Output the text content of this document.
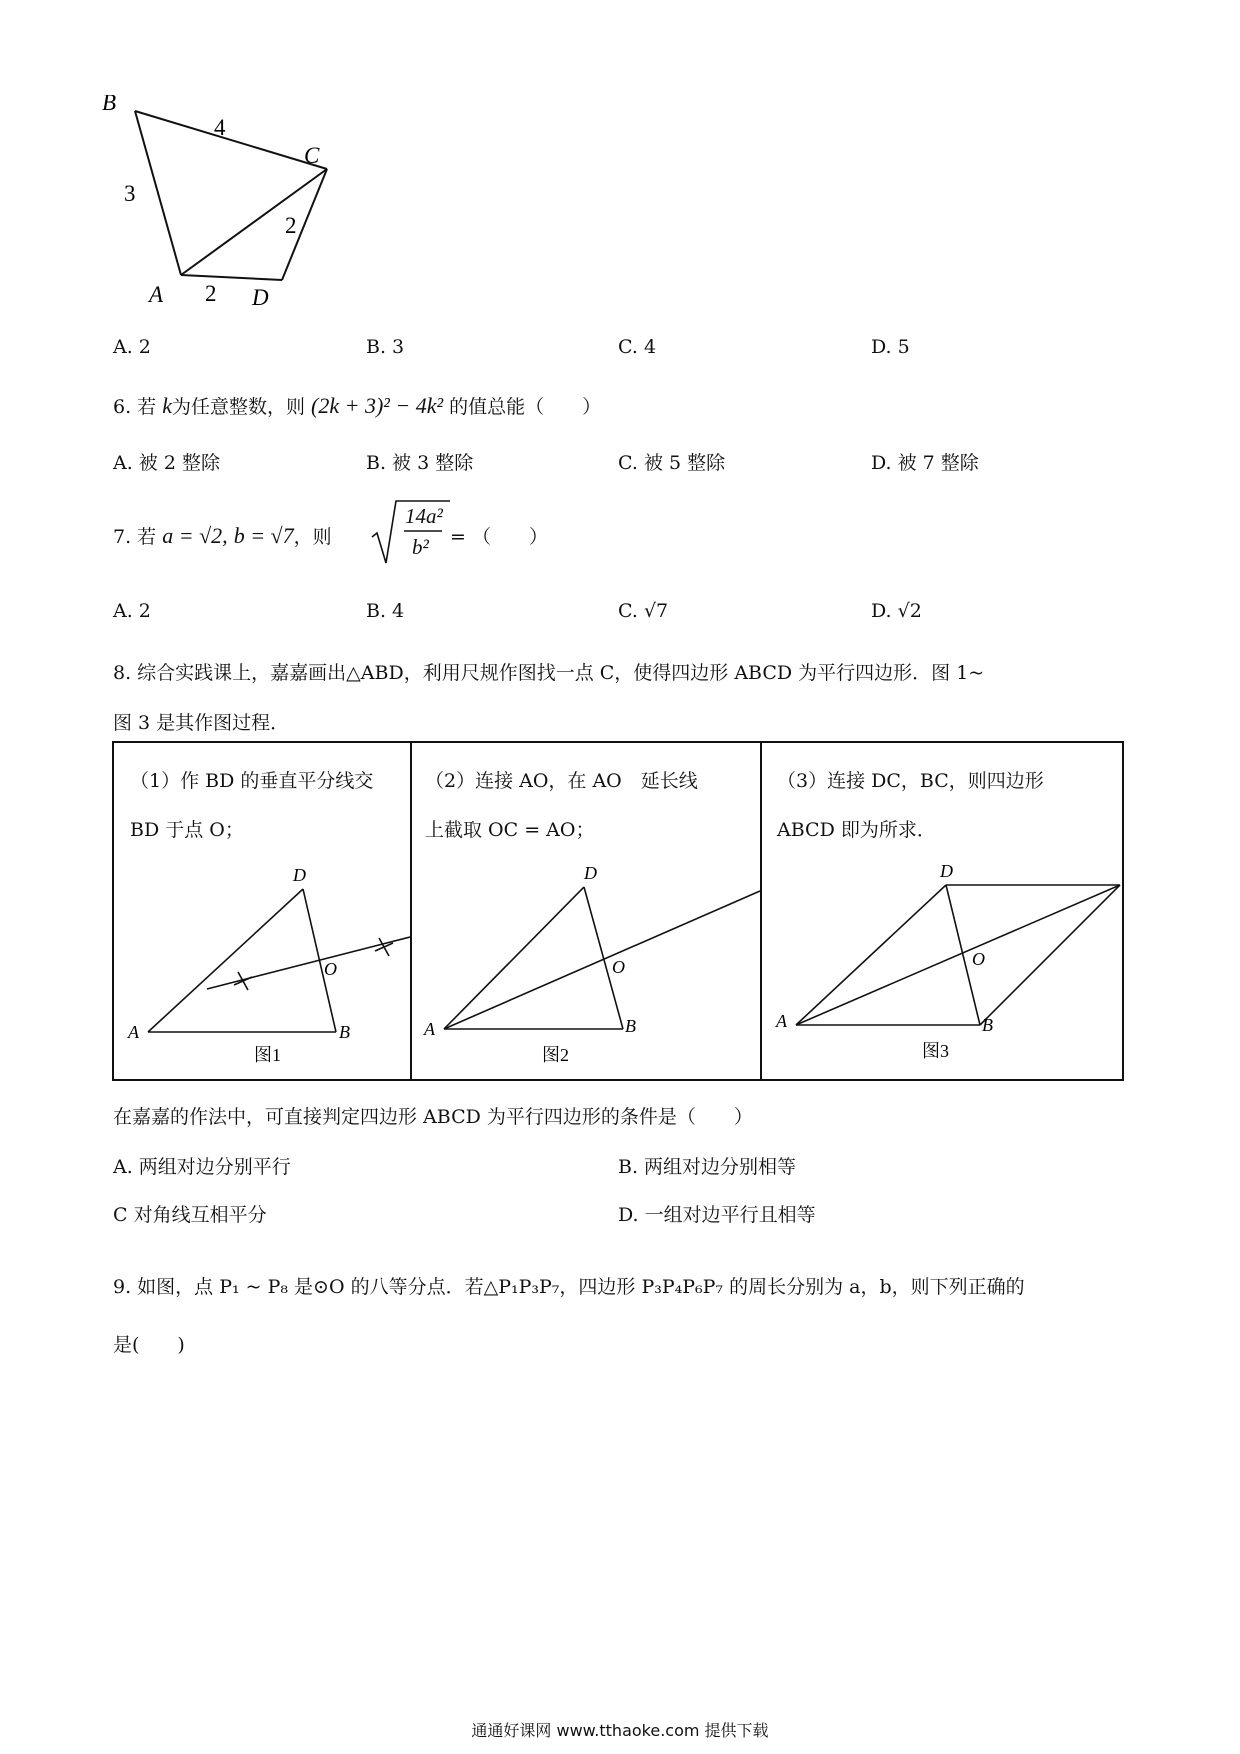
B
C
A	D
4
3
2
2
A. 2	B. 3	C. 4	D. 5
6. 若 k为任意整数，则 (2k + 3)² − 4k² 的值总能（　　）
A. 被 2 整除	B. 被 3 整除	C. 被 5 整除	D. 被 7 整除
7. 若 a = √2, b = √7，则
14a²
b² = （　　）
A. 2	B. 4	C. √7	D. √2
8. 综合实践课上，嘉嘉画出△ABD，利用尺规作图找一点 C，使得四边形 ABCD 为平行四边形．图 1~
图 3 是其作图过程．
（1）作 BD 的垂直平分线交
BD 于点 O；
D
O
A	B
图1
（2）连接 AO，在 AO　延长线
上截取 OC = AO；
D
O
A	B
图2
（3）连接 DC，BC，则四边形
ABCD 即为所求．
D
O
A	B
图3
在嘉嘉的作法中，可直接判定四边形 ABCD 为平行四边形的条件是（　　）
A. 两组对边分别平行	B. 两组对边分别相等
C 对角线互相平分	D. 一组对边平行且相等
9. 如图，点 P₁ ~ P₈ 是⊙O 的八等分点．若△P₁P₃P₇，四边形 P₃P₄P₆P₇ 的周长分别为 a，b，则下列正确的
是(　　)
通通好课网 www.tthaoke.com 提供下载
